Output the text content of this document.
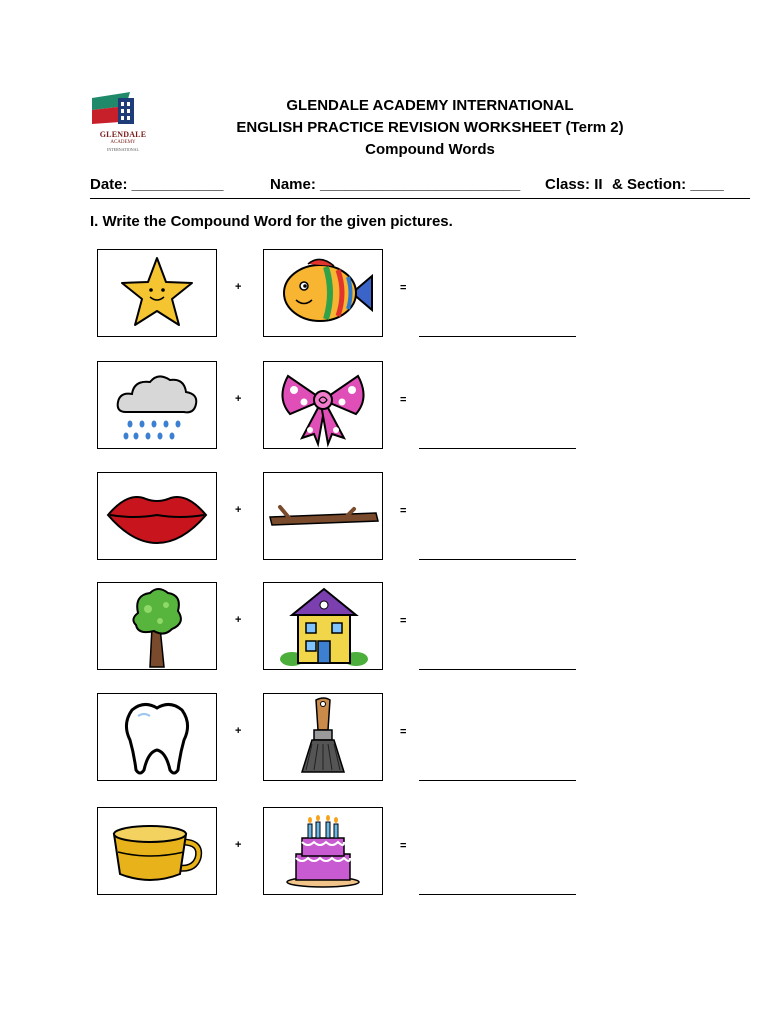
GLENDALE
ACADEMY
INTERNATIONAL
GLENDALE ACADEMY INTERNATIONAL
ENGLISH PRACTICE REVISION WORKSHEET (Term 2)
Compound Words
Date: ___________	Name: ________________________ Class: II & Section: ____
I. Write the Compound Word for the given pictures.
+	=
+	=
+	=
+	=
+	=
+	=
